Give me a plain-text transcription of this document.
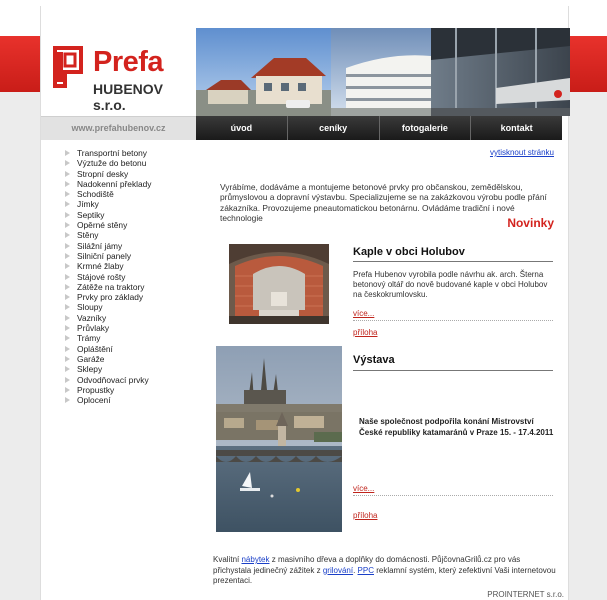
Prefa
HUBENOV s.r.o.
www.prefahubenov.cz	úvod	ceníky	fotogalerie	kontakt
Transportní betony
Výztuže do betonu
Stropní desky
Nadokenní překlady
Schodiště
Jímky
Septiky
Opěrné stěny
Stěny
Silážní jámy
Silniční panely
Krmné žlaby
Stájové rošty
Zátěže na traktory
Prvky pro základy
Sloupy
Vazníky
Průvlaky
Trámy
Opláštění
Garáže
Sklepy
Odvodňovací prvky
Propustky
Oplocení
vytisknout stránku

Vyrábíme, dodáváme a montujeme betonové prvky pro občanskou, zemědělskou, průmyslovou a dopravní výstavbu. Specializujeme se na zakázkovou výrobu podle přání zákazníka. Provozujeme pneautomatickou betonárnu. Ovládáme tradiční i nové technologie	Novinky
Kaple v obci Holubov

Prefa Hubenov vyrobila podle návrhu ak. arch. Šterna betonový oltář do nově budované kaple v obci Holubov na českokrumlovsku.

více...
příloha
Výstava

Naše společnost podpořila konání Mistrovství České republiky katamaránů v Praze 15. - 17.4.2011

více...
příloha

Kvalitní nábytek z masivního dřeva a doplňky do domácnosti. PůjčovnaGrilů.cz pro vás přichystala jedinečný zážitek z grilování. PPC reklamní systém, který zefektivní Vaši internetovou prezentaci.

PROINTERNET s.r.o.
